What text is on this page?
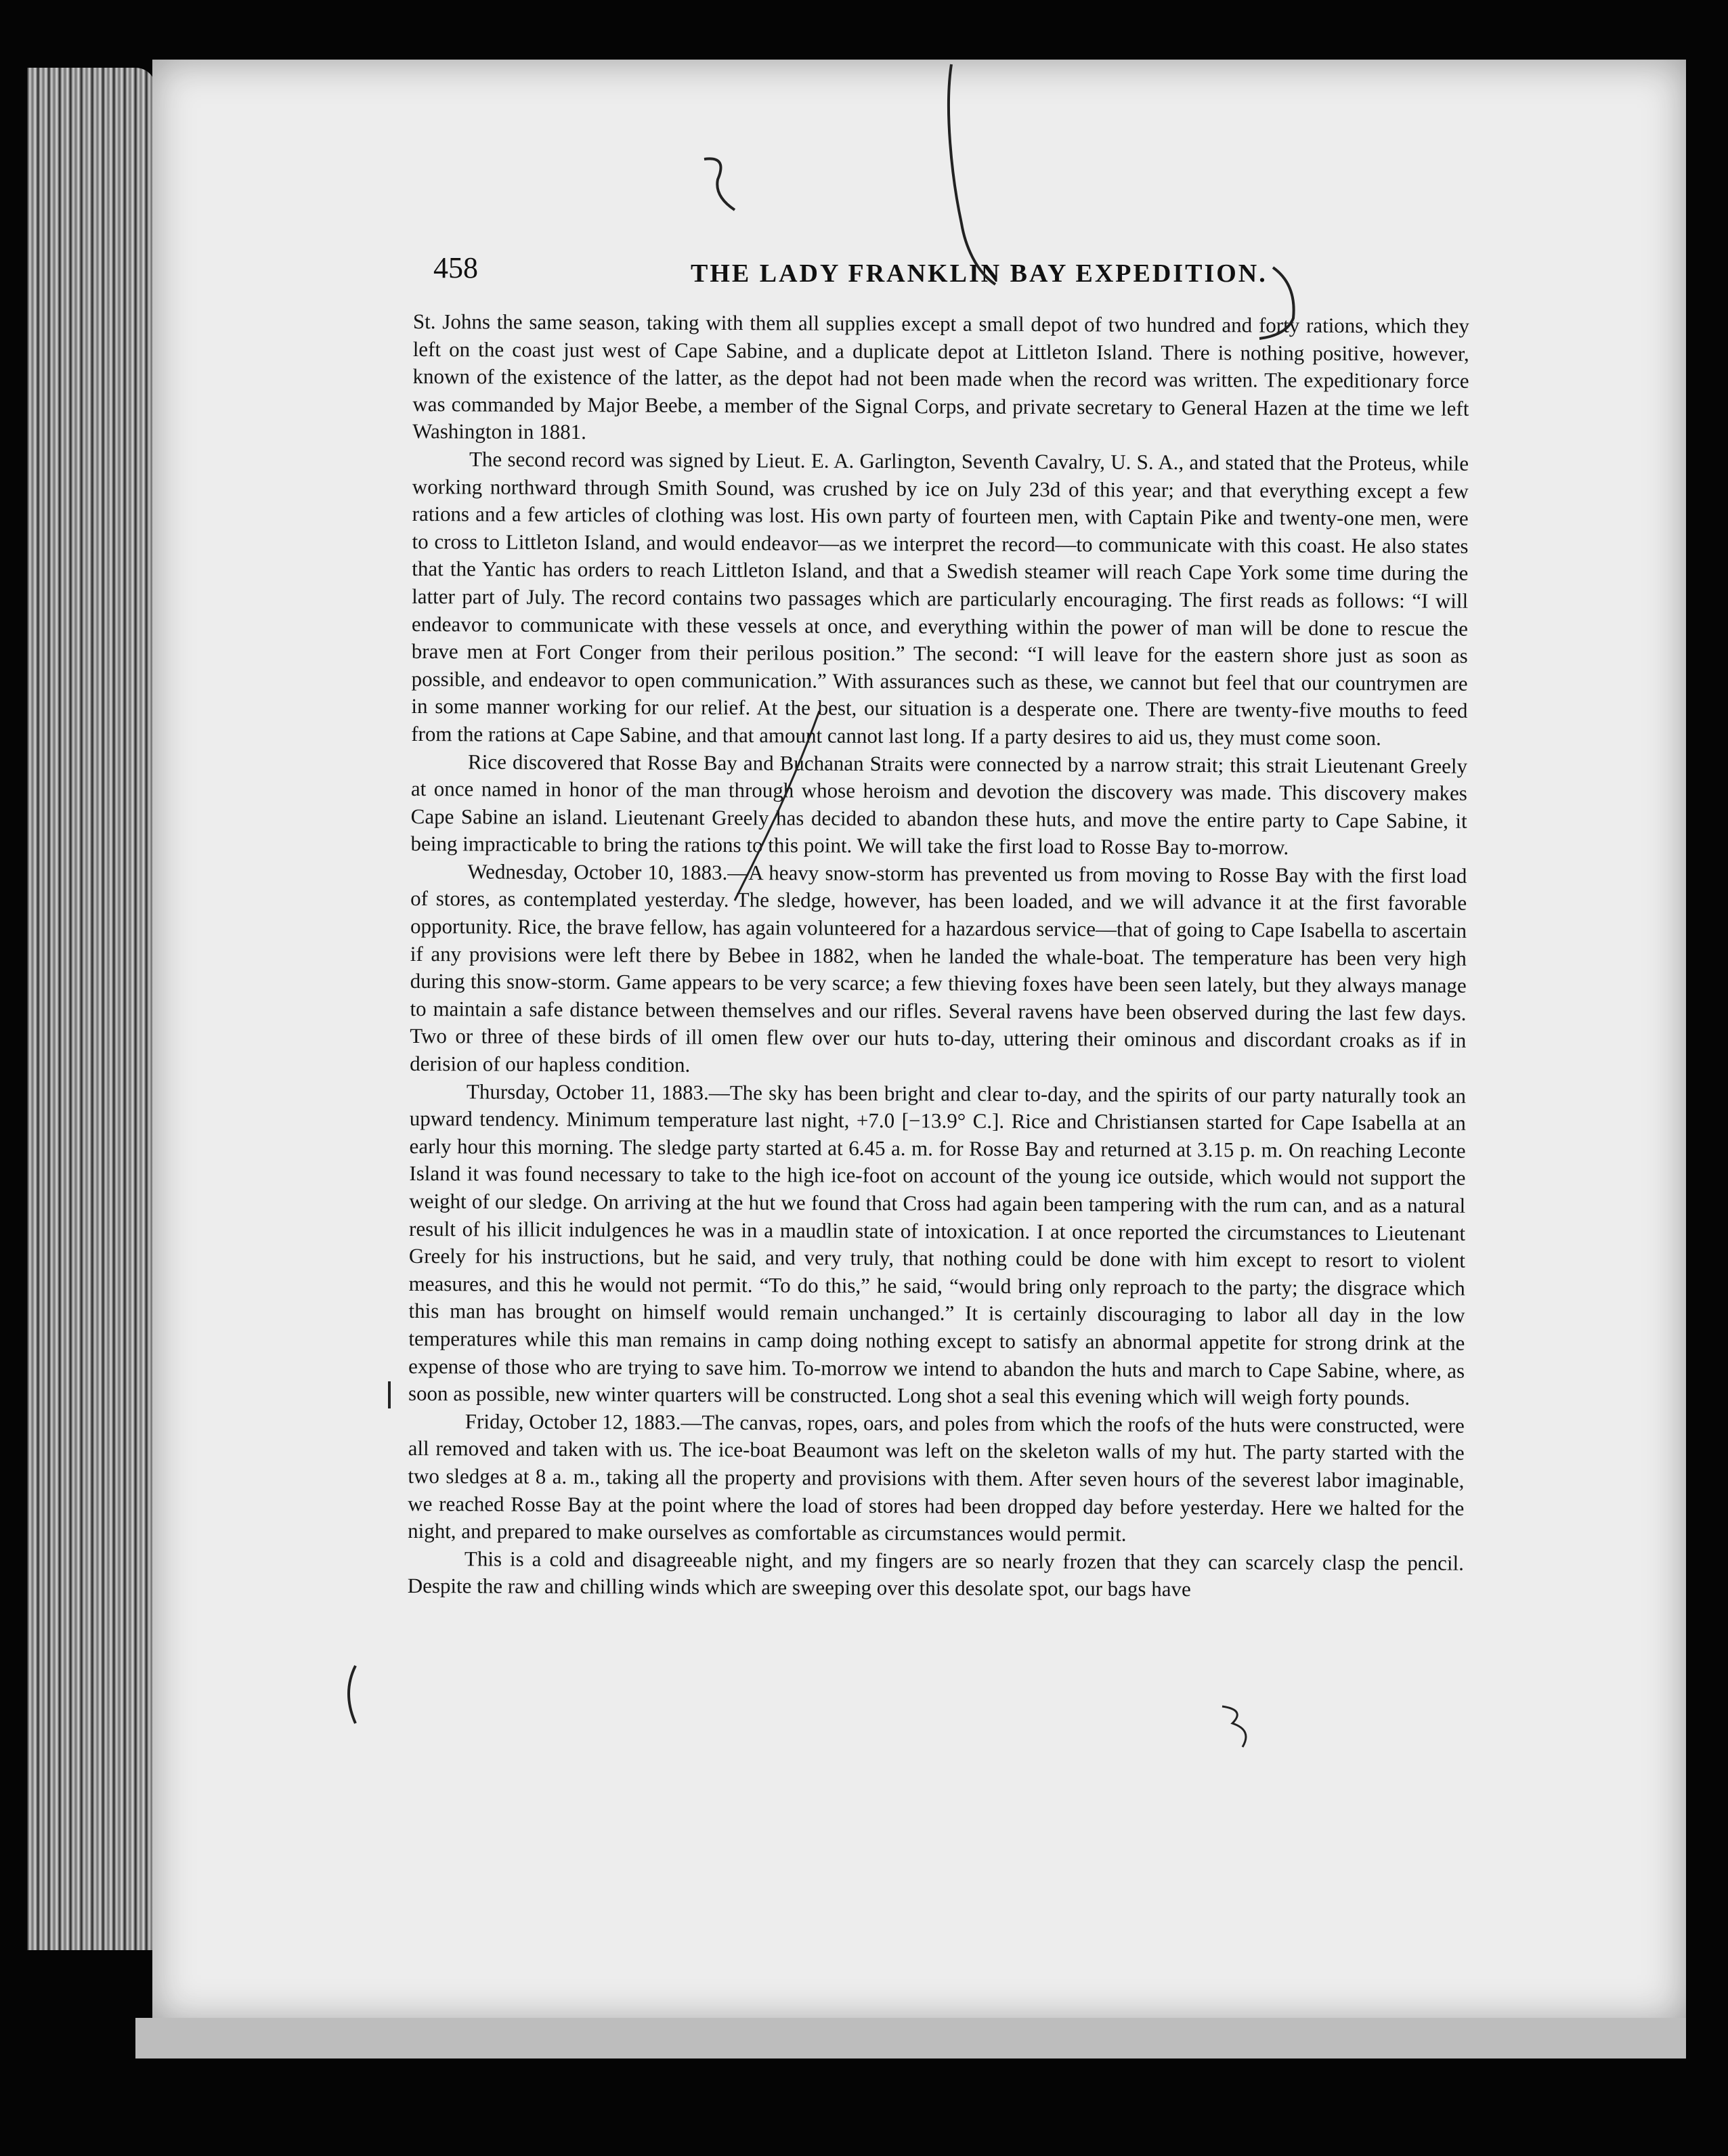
458	THE LADY FRANKLIN BAY EXPEDITION.

St. Johns the same season, taking with them all supplies except a small depot of two hundred and forty rations, which they left on the coast just west of Cape Sabine, and a duplicate depot at Littleton Island. There is nothing positive, however, known of the existence of the latter, as the depot had not been made when the record was written. The expeditionary force was commanded by Major Beebe, a member of the Signal Corps, and private secretary to General Hazen at the time we left Washington in 1881.

The second record was signed by Lieut. E. A. Garlington, Seventh Cavalry, U. S. A., and stated that the Proteus, while working northward through Smith Sound, was crushed by ice on July 23d of this year; and that everything except a few rations and a few articles of clothing was lost. His own party of fourteen men, with Captain Pike and twenty-one men, were to cross to Littleton Island, and would endeavor—as we interpret the record—to communicate with this coast. He also states that the Yantic has orders to reach Littleton Island, and that a Swedish steamer will reach Cape York some time during the latter part of July. The record contains two passages which are particularly encouraging. The first reads as follows: “I will endeavor to communicate with these vessels at once, and everything within the power of man will be done to rescue the brave men at Fort Conger from their perilous position.” The second: “I will leave for the eastern shore just as soon as possible, and endeavor to open communication.” With assurances such as these, we cannot but feel that our countrymen are in some manner working for our relief. At the best, our situation is a desperate one. There are twenty-five mouths to feed from the rations at Cape Sabine, and that amount cannot last long. If a party desires to aid us, they must come soon.

Rice discovered that Rosse Bay and Buchanan Straits were connected by a narrow strait; this strait Lieutenant Greely at once named in honor of the man through whose heroism and devotion the discovery was made. This discovery makes Cape Sabine an island. Lieutenant Greely has decided to abandon these huts, and move the entire party to Cape Sabine, it being impracticable to bring the rations to this point. We will take the first load to Rosse Bay to-morrow.

Wednesday, October 10, 1883.—A heavy snow-storm has prevented us from moving to Rosse Bay with the first load of stores, as contemplated yesterday. The sledge, however, has been loaded, and we will advance it at the first favorable opportunity. Rice, the brave fellow, has again volunteered for a hazardous service—that of going to Cape Isabella to ascertain if any provisions were left there by Bebee in 1882, when he landed the whale-boat. The temperature has been very high during this snow-storm. Game appears to be very scarce; a few thieving foxes have been seen lately, but they always manage to maintain a safe distance between themselves and our rifles. Several ravens have been observed during the last few days. Two or three of these birds of ill omen flew over our huts to-day, uttering their ominous and discordant croaks as if in derision of our hapless condition.

Thursday, October 11, 1883.—The sky has been bright and clear to-day, and the spirits of our party naturally took an upward tendency. Minimum temperature last night, +7.0 [−13.9° C.]. Rice and Christiansen started for Cape Isabella at an early hour this morning. The sledge party started at 6.45 a. m. for Rosse Bay and returned at 3.15 p. m. On reaching Leconte Island it was found necessary to take to the high ice-foot on account of the young ice outside, which would not support the weight of our sledge. On arriving at the hut we found that Cross had again been tampering with the rum can, and as a natural result of his illicit indulgences he was in a maudlin state of intoxication. I at once reported the circumstances to Lieutenant Greely for his instructions, but he said, and very truly, that nothing could be done with him except to resort to violent measures, and this he would not permit. “To do this,” he said, “would bring only reproach to the party; the disgrace which this man has brought on himself would remain unchanged.” It is certainly discouraging to labor all day in the low temperatures while this man remains in camp doing nothing except to satisfy an abnormal appetite for strong drink at the expense of those who are trying to save him. To-morrow we intend to abandon the huts and march to Cape Sabine, where, as soon as possible, new winter quarters will be constructed. Long shot a seal this evening which will weigh forty pounds.

Friday, October 12, 1883.—The canvas, ropes, oars, and poles from which the roofs of the huts were constructed, were all removed and taken with us. The ice-boat Beaumont was left on the skeleton walls of my hut. The party started with the two sledges at 8 a. m., taking all the property and provisions with them. After seven hours of the severest labor imaginable, we reached Rosse Bay at the point where the load of stores had been dropped day before yesterday. Here we halted for the night, and prepared to make ourselves as comfortable as circumstances would permit.

This is a cold and disagreeable night, and my fingers are so nearly frozen that they can scarcely clasp the pencil. Despite the raw and chilling winds which are sweeping over this desolate spot, our bags have
